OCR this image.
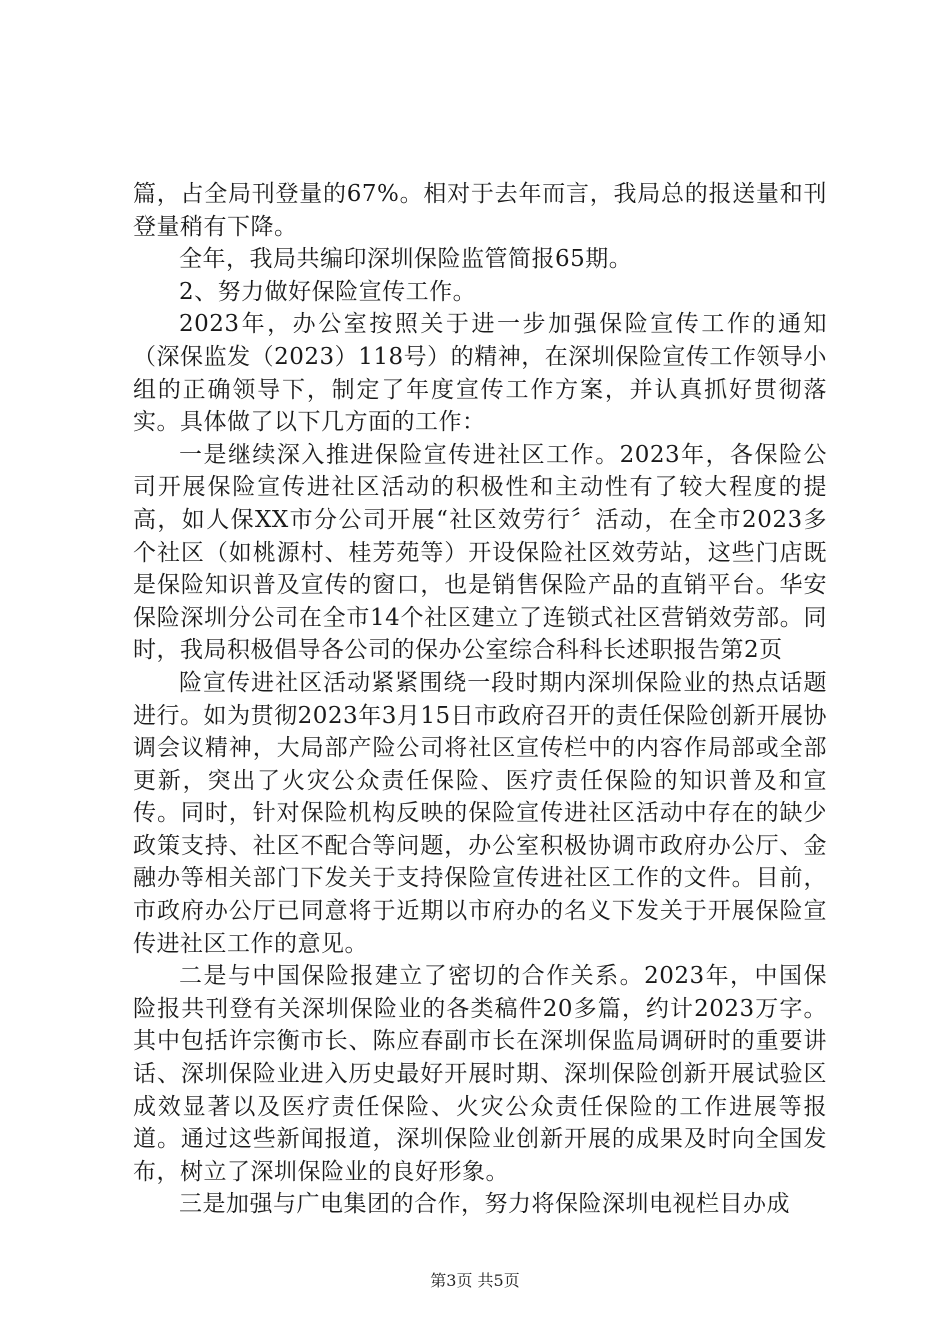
篇，占全局刊登量的67%。相对于去年而言，我局总的报送量和刊登量稍有下降。

全年，我局共编印深圳保险监管简报65期。

2、努力做好保险宣传工作。

2023年，办公室按照关于进一步加强保险宣传工作的通知（深保监发（2023）118号）的精神，在深圳保险宣传工作领导小组的正确领导下，制定了年度宣传工作方案，并认真抓好贯彻落实。具体做了以下几方面的工作：

一是继续深入推进保险宣传进社区工作。2023年，各保险公司开展保险宣传进社区活动的积极性和主动性有了较大程度的提高，如人保XX市分公司开展“社区效劳行〞活动，在全市2023多个社区（如桃源村、桂芳苑等）开设保险社区效劳站，这些门店既是保险知识普及宣传的窗口，也是销售保险产品的直销平台。华安保险深圳分公司在全市14个社区建立了连锁式社区营销效劳部。同时，我局积极倡导各公司的保办公室综合科科长述职报告第2页

险宣传进社区活动紧紧围绕一段时期内深圳保险业的热点话题进行。如为贯彻2023年3月15日市政府召开的责任保险创新开展协调会议精神，大局部产险公司将社区宣传栏中的内容作局部或全部更新，突出了火灾公众责任保险、医疗责任保险的知识普及和宣传。同时，针对保险机构反映的保险宣传进社区活动中存在的缺少政策支持、社区不配合等问题，办公室积极协调市政府办公厅、金融办等相关部门下发关于支持保险宣传进社区工作的文件。目前，市政府办公厅已同意将于近期以市府办的名义下发关于开展保险宣传进社区工作的意见。

二是与中国保险报建立了密切的合作关系。2023年，中国保险报共刊登有关深圳保险业的各类稿件20多篇，约计2023万字。其中包括许宗衡市长、陈应春副市长在深圳保监局调研时的重要讲话、深圳保险业进入历史最好开展时期、深圳保险创新开展试验区成效显著以及医疗责任保险、火灾公众责任保险的工作进展等报道。通过这些新闻报道，深圳保险业创新开展的成果及时向全国发布，树立了深圳保险业的良好形象。

三是加强与广电集团的合作，努力将保险深圳电视栏目办成

第3页 共5页
